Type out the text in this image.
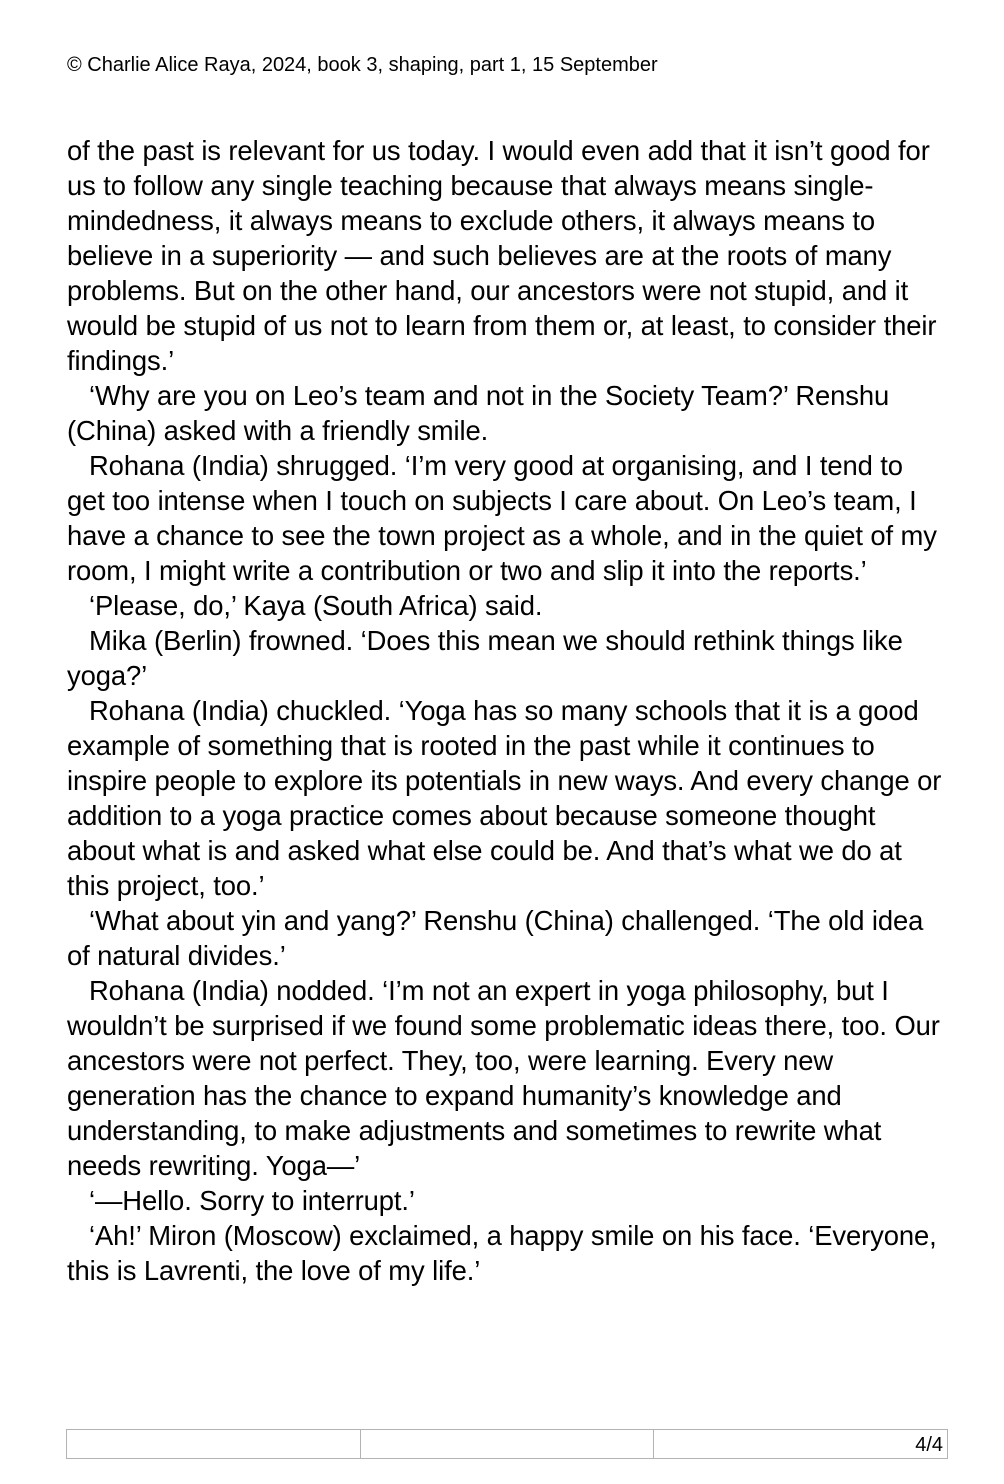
© Charlie Alice Raya, 2024, book 3, shaping, part 1, 15 September

of the past is relevant for us today. I would even add that it isn’t good for us to follow any single teaching because that always means single-mindedness, it always means to exclude others, it always means to believe in a superiority — and such believes are at the roots of many problems. But on the other hand, our ancestors were not stupid, and it would be stupid of us not to learn from them or, at least, to consider their findings.’

‘Why are you on Leo’s team and not in the Society Team?’ Renshu (China) asked with a friendly smile.

Rohana (India) shrugged. ‘I’m very good at organising, and I tend to get too intense when I touch on subjects I care about. On Leo’s team, I have a chance to see the town project as a whole, and in the quiet of my room, I might write a contribution or two and slip it into the reports.’

‘Please, do,’ Kaya (South Africa) said.

Mika (Berlin) frowned. ‘Does this mean we should rethink things like yoga?’

Rohana (India) chuckled. ‘Yoga has so many schools that it is a good example of something that is rooted in the past while it continues to inspire people to explore its potentials in new ways. And every change or addition to a yoga practice comes about because someone thought about what is and asked what else could be. And that’s what we do at this project, too.’

‘What about yin and yang?’ Renshu (China) challenged. ‘The old idea of natural divides.’

Rohana (India) nodded. ‘I’m not an expert in yoga philosophy, but I wouldn’t be surprised if we found some problematic ideas there, too. Our ancestors were not perfect. They, too, were learning. Every new generation has the chance to expand humanity’s knowledge and understanding, to make adjustments and sometimes to rewrite what needs rewriting. Yoga—’

‘—Hello. Sorry to interrupt.’

‘Ah!’ Miron (Moscow) exclaimed, a happy smile on his face. ‘Everyone, this is Lavrenti, the love of my life.’

4/4
